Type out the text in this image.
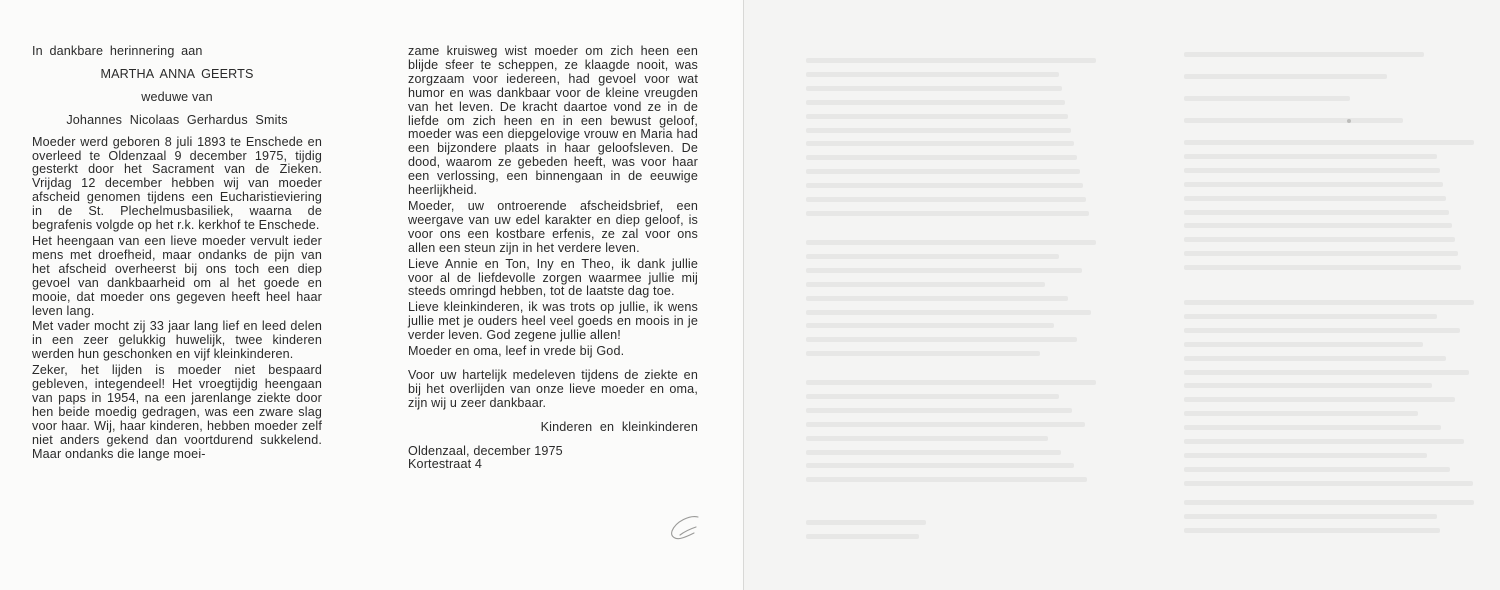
In dankbare herinnering aan

MARTHA ANNA GEERTS

weduwe van

Johannes Nicolaas Gerhardus Smits

Moeder werd geboren 8 juli 1893 te Enschede en overleed te Oldenzaal 9 december 1975, tijdig gesterkt door het Sacrament van de Zieken. Vrijdag 12 december hebben wij van moeder afscheid genomen tijdens een Eucharistieviering in de St. Plechelmusbasiliek, waarna de begrafenis volgde op het r.k. kerkhof te Enschede.

Het heengaan van een lieve moeder vervult ieder mens met droefheid, maar ondanks de pijn van het afscheid overheerst bij ons toch een diep gevoel van dankbaarheid om al het goede en mooie, dat moeder ons gegeven heeft heel haar leven lang.

Met vader mocht zij 33 jaar lang lief en leed delen in een zeer gelukkig huwelijk, twee kinderen werden hun geschonken en vijf kleinkinderen.

Zeker, het lijden is moeder niet bespaard gebleven, integendeel! Het vroegtijdig heengaan van paps in 1954, na een jarenlange ziekte door hen beide moedig gedragen, was een zware slag voor haar. Wij, haar kinderen, hebben moeder zelf niet anders gekend dan voortdurend sukkelend. Maar ondanks die lange moei-

zame kruisweg wist moeder om zich heen een blijde sfeer te scheppen, ze klaagde nooit, was zorgzaam voor iedereen, had gevoel voor wat humor en was dankbaar voor de kleine vreugden van het leven. De kracht daartoe vond ze in de liefde om zich heen en in een bewust geloof, moeder was een diepgelovige vrouw en Maria had een bijzondere plaats in haar geloofsleven. De dood, waarom ze gebeden heeft, was voor haar een verlossing, een binnengaan in de eeuwige heerlijkheid.

Moeder, uw ontroerende afscheidsbrief, een weergave van uw edel karakter en diep geloof, is voor ons een kostbare erfenis, ze zal voor ons allen een steun zijn in het verdere leven.

Lieve Annie en Ton, Iny en Theo, ik dank jullie voor al de liefdevolle zorgen waarmee jullie mij steeds omringd hebben, tot de laatste dag toe.

Lieve kleinkinderen, ik was trots op jullie, ik wens jullie met je ouders heel veel goeds en moois in je verder leven. God zegene jullie allen!

Moeder en oma, leef in vrede bij God.

Voor uw hartelijk medeleven tijdens de ziekte en bij het overlijden van onze lieve moeder en oma, zijn wij u zeer dankbaar.

Kinderen en kleinkinderen

Oldenzaal, december 1975

Kortestraat 4
